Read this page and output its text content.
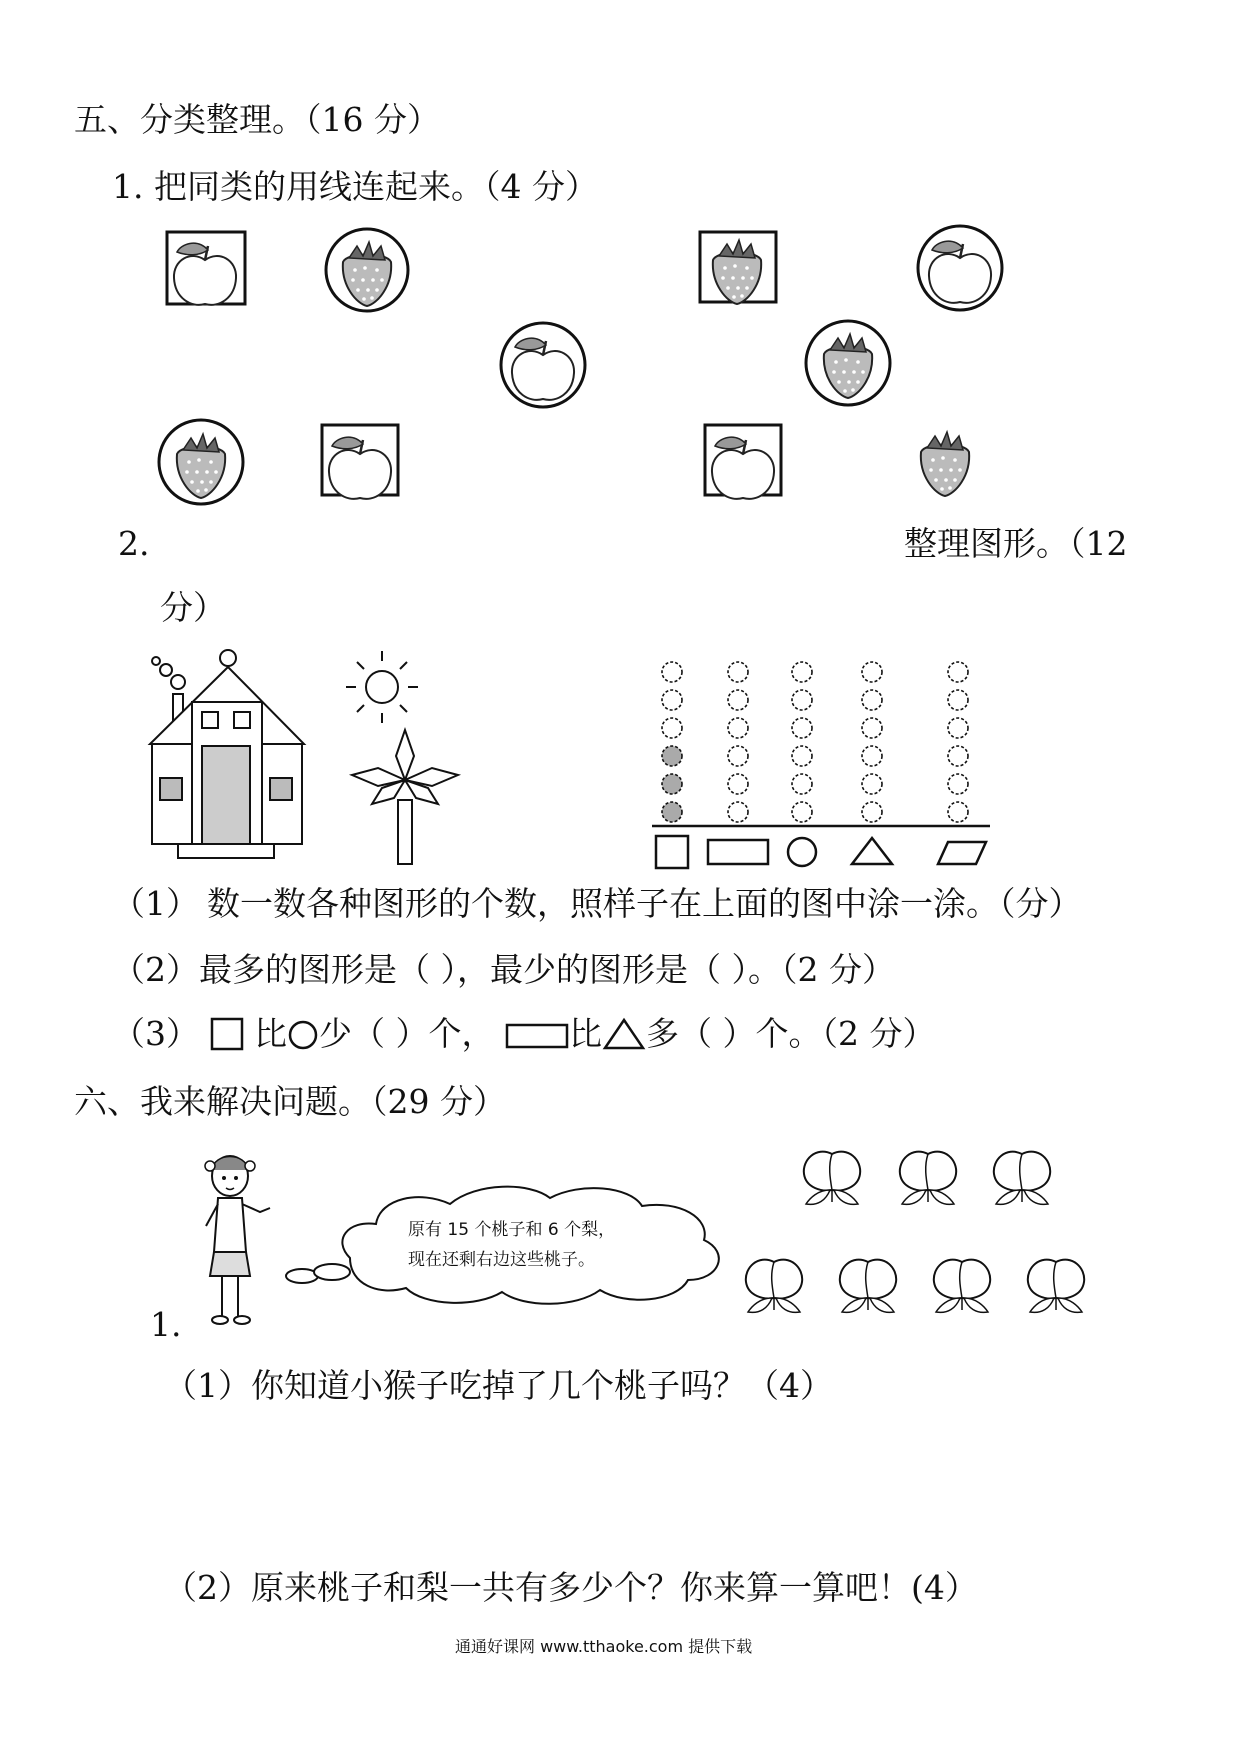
五、分类整理。（16 分）
1. 把同类的用线连起来。（4 分）
2.	整理图形。（12
分）
（1） 数一数各种图形的个数，照样子在上面的图中涂一涂。（分）
（2）最多的图形是（ ），最少的图形是（ ）。（2 分）
（3） 比 少（ ）个， 比 多（ ）个。（2 分）
六、我来解决问题。（29 分）
原有 15 个桃子和 6 个梨，
现在还剩右边这些桃子。
1.
（1）你知道小猴子吃掉了几个桃子吗？（4）
（2）原来桃子和梨一共有多少个？你来算一算吧！(4）
通通好课网 www.tthaoke.com 提供下载
